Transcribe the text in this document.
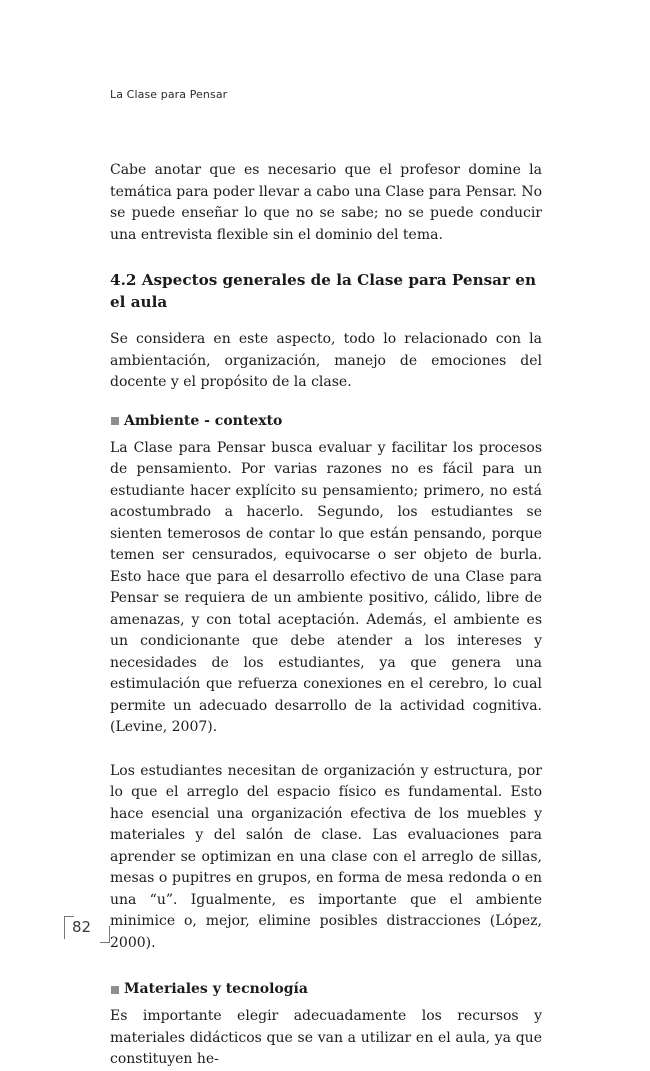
La Clase para Pensar

Cabe anotar que es necesario que el profesor domine la temática para poder llevar a cabo una Clase para Pensar. No se puede enseñar lo que no se sabe; no se puede conducir una entrevista flexible sin el dominio del tema.

4.2 Aspectos generales de la Clase para Pensar en el aula

Se considera en este aspecto, todo lo relacionado con la ambientación, organización, manejo de emociones del docente y el propósito de la clase.

Ambiente - contexto

La Clase para Pensar busca evaluar y facilitar los procesos de pensamiento. Por varias razones no es fácil para un estudiante hacer explícito su pensamiento; primero, no está acostumbrado a hacerlo. Segundo, los estudiantes se sienten temerosos de contar lo que están pensando, porque temen ser censurados, equivocarse o ser objeto de burla. Esto hace que para el desarrollo efectivo de una Clase para Pensar se requiera de un ambiente positivo, cálido, libre de amenazas, y con total aceptación. Además, el ambiente es un condicionante que debe atender a los intereses y necesidades de los estudiantes, ya que genera una estimulación que refuerza conexiones en el cerebro, lo cual permite un adecuado desarrollo de la actividad cognitiva. (Levine, 2007).

Los estudiantes necesitan de organización y estructura, por lo que el arreglo del espacio físico es fundamental. Esto hace esencial una organización efectiva de los muebles y materiales y del salón de clase. Las evaluaciones para aprender se optimizan en una clase con el arreglo de sillas, mesas o pupitres en grupos, en forma de mesa redonda o en una “u”. Igualmente, es importante que el ambiente minimice o, mejor, elimine posibles distracciones (López, 2000).

Materiales y tecnología

Es importante elegir adecuadamente los recursos y materiales didácticos que se van a utilizar en el aula, ya que constituyen he-

82
